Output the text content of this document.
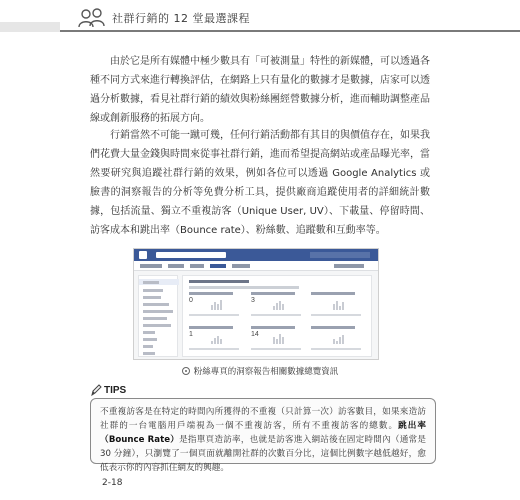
社群行銷的 12 堂最選課程

由於它是所有媒體中極少數具有「可被測量」特性的新媒體，可以透過各種不同方式來進行轉換評估，在網路上只有量化的數據才是數據，店家可以透過分析數據，看見社群行銷的績效與粉絲團經營數據分析，進而輔助調整產品線或創新服務的拓展方向。

行銷當然不可能一蹴可幾，任何行銷活動都有其目的與價值存在，如果我們花費大量金錢與時間來從事社群行銷，進而希望提高網站或產品曝光率，當然要研究與追蹤社群行銷的效果，例如各位可以透過 Google Analytics 或臉書的洞察報告的分析等免費分析工具，提供廠商追蹤使用者的詳細統計數據，包括流量、獨立不重複訪客（Unique User, UV）、下載量、停留時間、訪客成本和跳出率（Bounce rate）、粉絲數、追蹤數和互動率等。

0	3
1	14
粉絲專頁的洞察報告相關數據總覽資訊
TIPS
不重複訪客是在特定的時間內所獲得的不重複（只計算一次）訪客數目，如果來造訪社群的一台電腦用戶端視為一個不重複訪客，所有不重複訪客的總數。跳出率（Bounce Rate）是指單頁造訪率，也就是訪客進入網站後在固定時間內（通常是 30 分鐘），只瀏覽了一個頁面就離開社群的次數百分比，這個比例數字越低越好，愈低表示你的內容抓住網友的興趣。
2-18
